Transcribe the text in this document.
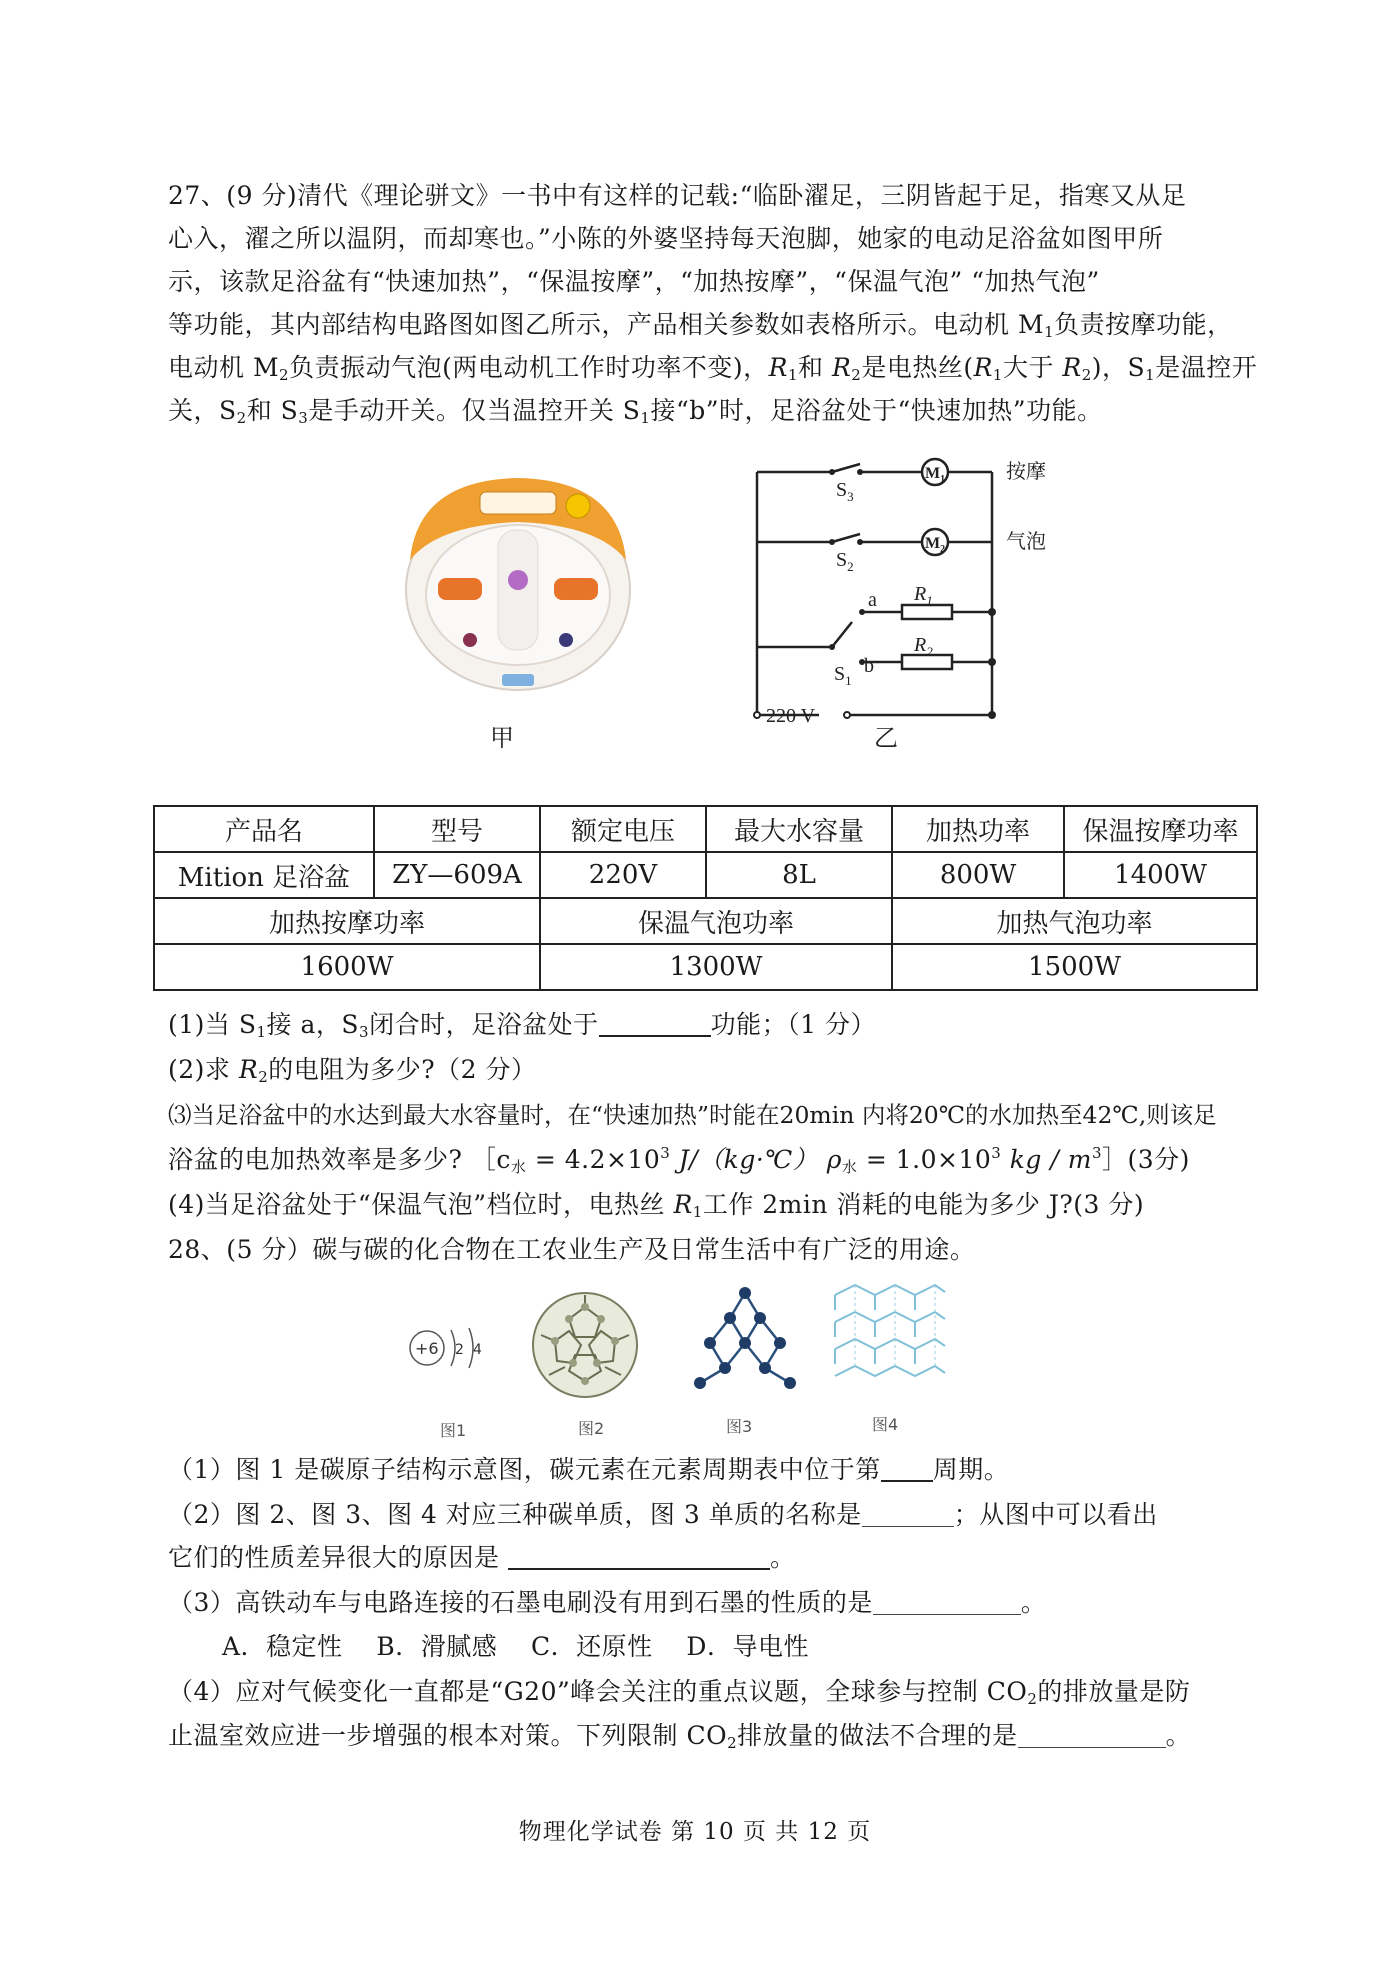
27、(9 分)清代《理论骈文》一书中有这样的记载:“临卧濯足，三阴皆起于足，指寒又从足
心入，濯之所以温阴，而却寒也。”小陈的外婆坚持每天泡脚，她家的电动足浴盆如图甲所
示，该款足浴盆有“快速加热”，“保温按摩”，“加热按摩”，“保温气泡” “加热气泡”
等功能，其内部结构电路图如图乙所示，产品相关参数如表格所示。电动机 $M_1$负责按摩功能，
电动机 $M_2$负责振动气泡(两电动机工作时功率不变)，$R_1$和 $R_2$是电热丝($R_1$大于 $R_2$)，$S_1$是温控开
关，$S_2$和 $S_3$是手动开关。仅当温控开关 $S_1$接“b”时，足浴盆处于“快速加热”功能。
甲
$S_3$
$S_2$
$S_1$
$M_1$
$M_2$
$R_1$
$R_2$
a
b
按摩
气泡
220 V
乙
产品名	型号	额定电压	最大水容量	加热功率	保温按摩功率
Mition 足浴盆	ZY—609A	220V	8L	800W	1400W
加热按摩功率		保温气泡功率		加热气泡功率	
1600W		1300W		1500W	
(1)当 $S_1$接 a，$S_3$闭合时，足浴盆处于	功能；（1 分）
(2)求 $R_2$的电阻为多少?（2 分）
⑶当足浴盆中的水达到最大水容量时，在“快速加热”时能在20min 内将20℃的水加热至42℃,则该足
浴盆的电加热效率是多少? $[c_水 = 4.2\times 10^3$ J/（kg·℃） $\rho_水 = 1.0\times 10^3$ kg / $m^3](3$分)
(4)当足浴盆处于“保温气泡”档位时，电热丝 $R_1$工作 2min 消耗的电能为多少 J?(3 分)
28、(5 分）碳与碳的化合物在工农业生产及日常生活中有广泛的用途。
+6 2 4
图1	图2	图3	图4
（1）图 1 是碳原子结构示意图，碳元素在元素周期表中位于第 周期。
（2）图 2、图 3、图 4 对应三种碳单质，图 3 单质的名称是	；从图中可以看出
它们的性质差异很大的原因是	。
（3）高铁动车与电路连接的石墨电刷没有用到石墨的性质的是	。
A．稳定性    B．滑腻感    C．还原性    D．导电性
（4）应对气候变化一直都是“G20”峰会关注的重点议题，全球参与控制 $CO_2$的排放量是防
止温室效应进一步增强的根本对策。下列限制 $CO_2$排放量的做法不合理的是	。
物理化学试卷 第 10 页 共 12 页
